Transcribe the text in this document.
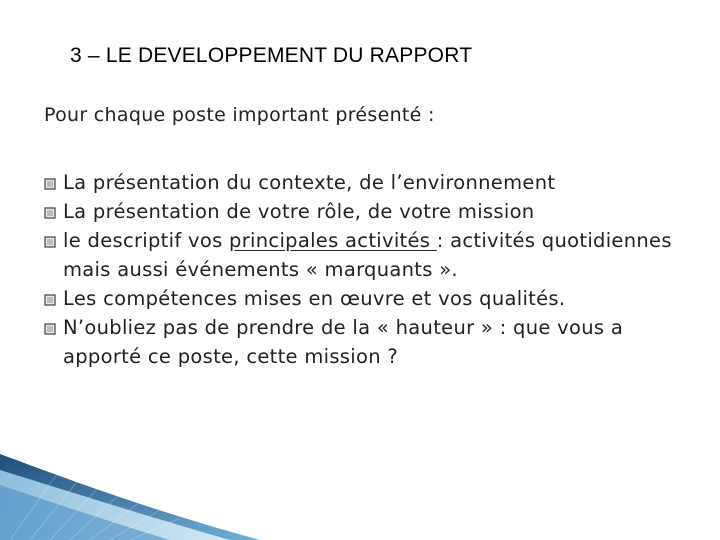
3 – LE DEVELOPPEMENT DU RAPPORT
Pour chaque poste important présenté :
La présentation du contexte, de l’environnement
La présentation de votre rôle, de votre mission
le descriptif vos principales activités : activités quotidiennes mais aussi événements « marquants ».
Les compétences mises en œuvre et vos qualités.
N’oubliez pas de prendre de la « hauteur » : que vous a apporté ce poste, cette mission ?
